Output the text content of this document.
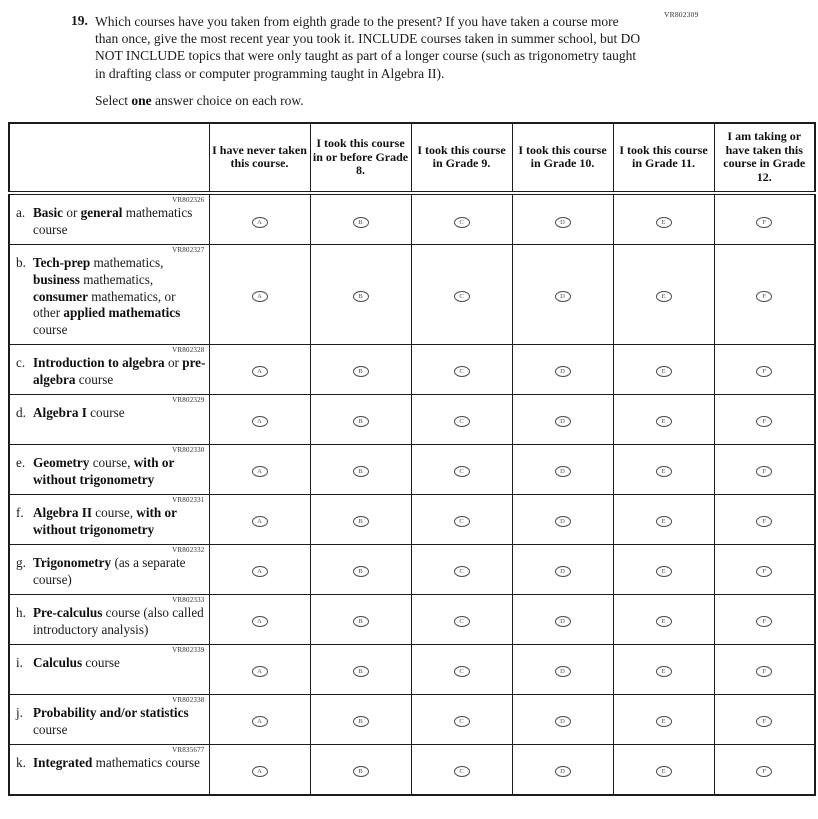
VR802309
19. Which courses have you taken from eighth grade to the present? If you have taken a course more than once, give the most recent year you took it. INCLUDE courses taken in summer school, but DO NOT INCLUDE topics that were only taught as part of a longer course (such as trigonometry taught in drafting class or computer programming taught in Algebra II).

Select one answer choice on each row.

	I have never taken this course.	I took this course in or before Grade 8.	I took this course in Grade 9.	I took this course in Grade 10.	I took this course in Grade 11.	I am taking or have taken this course in Grade 12.

VR802326
a. Basic or general mathematics course	A	B	C	D	E	F

VR802327
b. Tech-prep mathematics, business mathematics, consumer mathematics, or other applied mathematics course	A	B	C	D	E	F

VR802328
c. Introduction to algebra or pre-algebra course	A	B	C	D	E	F

VR802329
d. Algebra I course	A	B	C	D	E	F

VR802330
e. Geometry course, with or without trigonometry	A	B	C	D	E	F

VR802331
f. Algebra II course, with or without trigonometry	A	B	C	D	E	F

VR802332
g. Trigonometry (as a separate course)	A	B	C	D	E	F

VR802333
h. Pre-calculus course (also called introductory analysis)	A	B	C	D	E	F

VR802339
i. Calculus course	A	B	C	D	E	F

VR802338
j. Probability and/or statistics course	A	B	C	D	E	F

VR835677
k. Integrated mathematics course	A	B	C	D	E	F
